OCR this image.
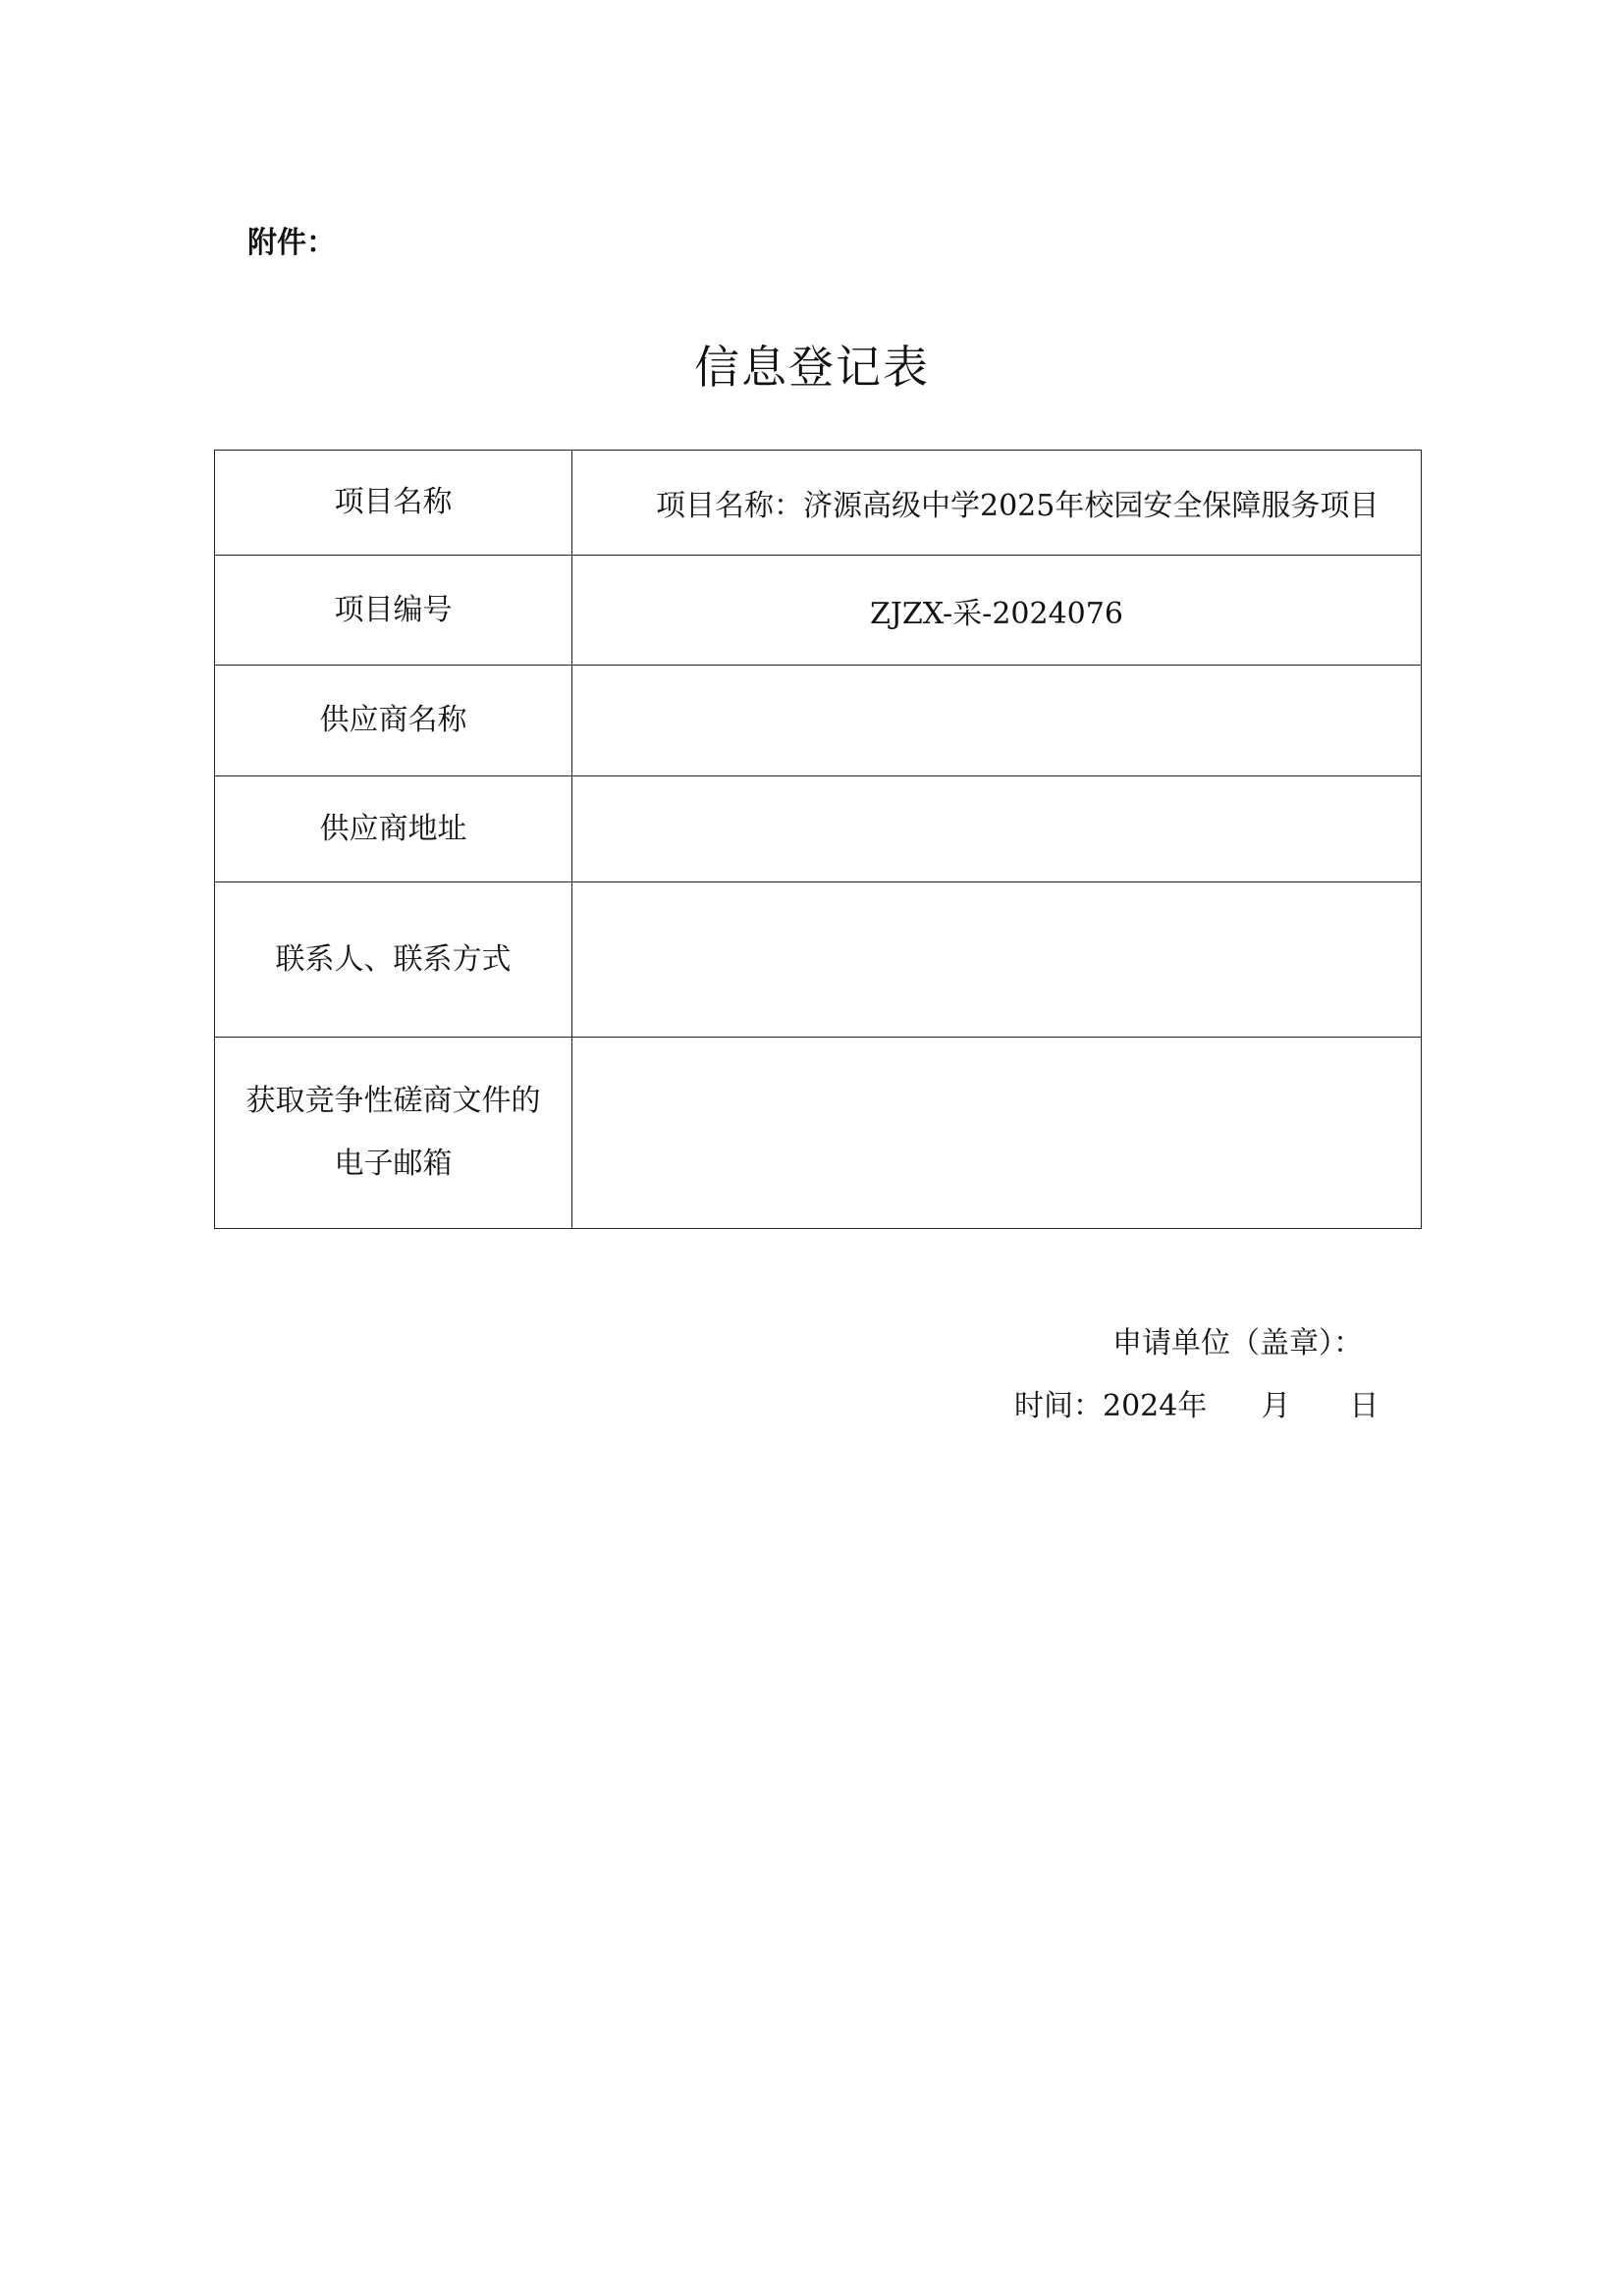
附件：
信息登记表
项目名称	项目名称：济源高级中学2025年校园安全保障服务项目
项目编号	ZJZX-采-2024076
供应商名称	
供应商地址	
联系人、联系方式	
获取竞争性磋商文件的电子邮箱	
申请单位（盖章）：
时间：2024年 月 日
